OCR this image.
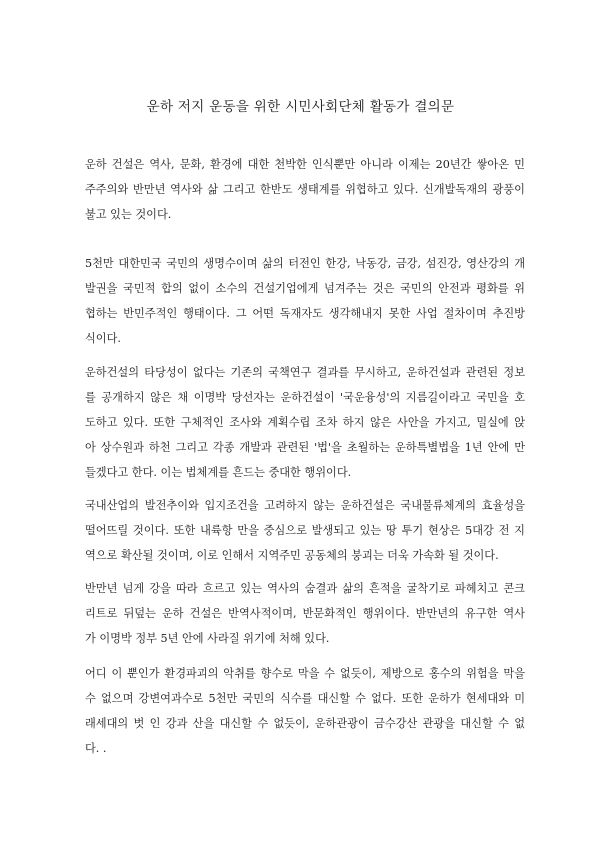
운하 저지 운동을 위한 시민사회단체 활동가 결의문
운하 건설은 역사, 문화, 환경에 대한 천박한 인식뿐만 아니라 이제는 20년간 쌓아온 민
주주의와 반만년 역사와 삶 그리고 한반도 생태계를 위협하고 있다. 신개발독재의 광풍이
불고 있는 것이다.
5천만 대한민국 국민의 생명수이며 삶의 터전인 한강, 낙동강, 금강, 섬진강, 영산강의 개
발권을 국민적 합의 없이 소수의 건설기업에게 넘겨주는 것은 국민의 안전과 평화를 위
협하는 반민주적인 행태이다. 그 어떤 독재자도 생각해내지 못한 사업 절차이며 추진방
식이다.
운하건설의 타당성이 없다는 기존의 국책연구 결과를 무시하고, 운하건설과 관련된 정보
를 공개하지 않은 채 이명박 당선자는 운하건설이 '국운융성'의 지름길이라고 국민을 호
도하고 있다. 또한 구체적인 조사와 계획수립 조차 하지 않은 사안을 가지고, 밀실에 앉
아 상수원과 하천 그리고 각종 개발과 관련된 '법'을 초월하는 운하특별법을 1년 안에 만
들겠다고 한다. 이는 법체계를 흔드는 중대한 행위이다.
국내산업의 발전추이와 입지조건을 고려하지 않는 운하건설은 국내물류체계의 효율성을
떨어뜨릴 것이다. 또한 내륙항 만을 중심으로 발생되고 있는 땅 투기 현상은 5대강 전 지
역으로 확산될 것이며, 이로 인해서 지역주민 공동체의 붕괴는 더욱 가속화 될 것이다.
반만년 넘게 강을 따라 흐르고 있는 역사의 숨결과 삶의 흔적을 굴착기로 파헤치고 콘크
리트로 뒤덮는 운하 건설은 반역사적이며, 반문화적인 행위이다. 반만년의 유구한 역사
가 이명박 정부 5년 안에 사라질 위기에 처해 있다.
어디 이 뿐인가 환경파괴의 악취를 향수로 막을 수 없듯이, 제방으로 홍수의 위험을 막을
수 없으며 강변여과수로 5천만 국민의 식수를 대신할 수 없다. 또한 운하가 현세대와 미
래세대의 벗 인 강과 산을 대신할 수 없듯이, 운하관광이 금수강산 관광을 대신할 수 없
다. .
